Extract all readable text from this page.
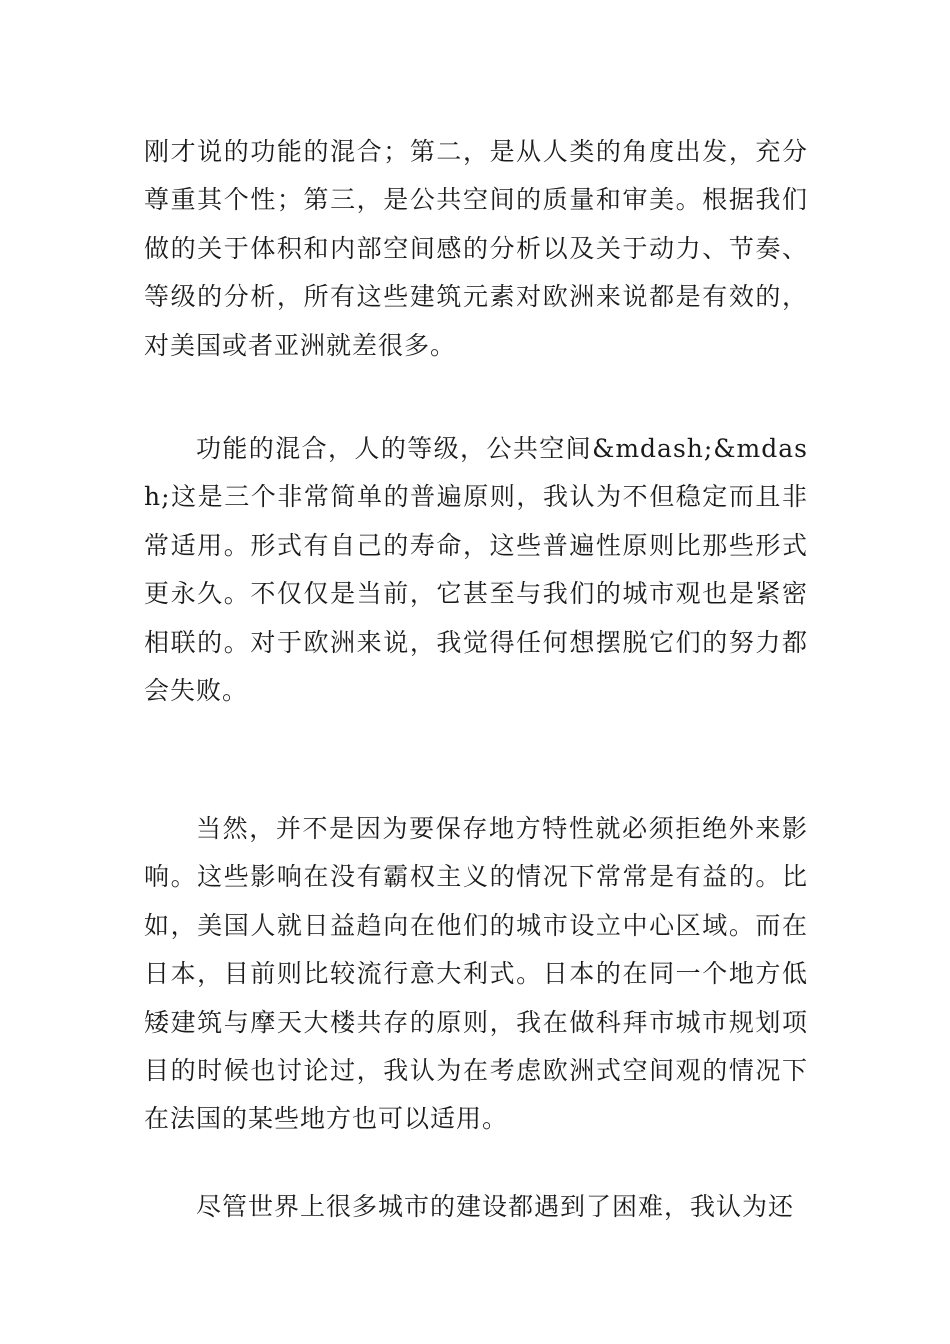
刚才说的功能的混合；第二，是从人类的角度出发，充分尊重其个性；第三，是公共空间的质量和审美。根据我们做的关于体积和内部空间感的分析以及关于动力、节奏、等级的分析，所有这些建筑元素对欧洲来说都是有效的，对美国或者亚洲就差很多。

功能的混合，人的等级，公共空间&mdash;&mdash;这是三个非常简单的普遍原则，我认为不但稳定而且非常适用。形式有自己的寿命，这些普遍性原则比那些形式更永久。不仅仅是当前，它甚至与我们的城市观也是紧密相联的。对于欧洲来说，我觉得任何想摆脱它们的努力都会失败。

当然，并不是因为要保存地方特性就必须拒绝外来影响。这些影响在没有霸权主义的情况下常常是有益的。比如，美国人就日益趋向在他们的城市设立中心区域。而在日本，目前则比较流行意大利式。日本的在同一个地方低矮建筑与摩天大楼共存的原则，我在做科拜市城市规划项目的时候也讨论过，我认为在考虑欧洲式空间观的情况下在法国的某些地方也可以适用。

尽管世界上很多城市的建设都遇到了困难，我认为还
